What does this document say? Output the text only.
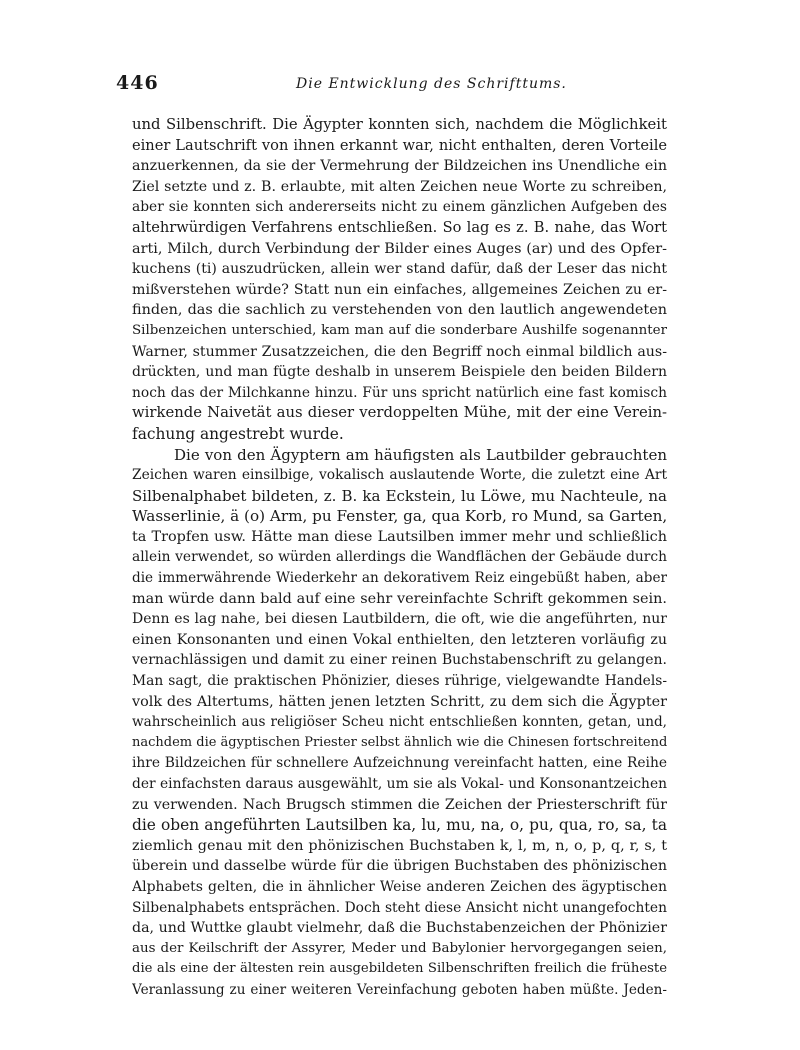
446	Die Entwicklung des Schrifttums.
und Silbenschrift. Die Ägypter konnten sich, nachdem die Möglichkeit
einer Lautschrift von ihnen erkannt war, nicht enthalten, deren Vorteile
anzuerkennen, da sie der Vermehrung der Bildzeichen ins Unendliche ein
Ziel setzte und z. B. erlaubte, mit alten Zeichen neue Worte zu schreiben,
aber sie konnten sich andererseits nicht zu einem gänzlichen Aufgeben des
altehrwürdigen Verfahrens entschließen. So lag es z. B. nahe, das Wort
arti, Milch, durch Verbindung der Bilder eines Auges (ar) und des Opfer-
kuchens (ti) auszudrücken, allein wer stand dafür, daß der Leser das nicht
mißverstehen würde? Statt nun ein einfaches, allgemeines Zeichen zu er-
finden, das die sachlich zu verstehenden von den lautlich angewendeten
Silbenzeichen unterschied, kam man auf die sonderbare Aushilfe sogenannter
Warner, stummer Zusatzzeichen, die den Begriff noch einmal bildlich aus-
drückten, und man fügte deshalb in unserem Beispiele den beiden Bildern
noch das der Milchkanne hinzu. Für uns spricht natürlich eine fast komisch
wirkende Naivetät aus dieser verdoppelten Mühe, mit der eine Verein-
fachung angestrebt wurde.
Die von den Ägyptern am häufigsten als Lautbilder gebrauchten
Zeichen waren einsilbige, vokalisch auslautende Worte, die zuletzt eine Art
Silbenalphabet bildeten, z. B. ka Eckstein, lu Löwe, mu Nachteule, na
Wasserlinie, ä (o) Arm, pu Fenster, ga, qua Korb, ro Mund, sa Garten,
ta Tropfen usw. Hätte man diese Lautsilben immer mehr und schließlich
allein verwendet, so würden allerdings die Wandflächen der Gebäude durch
die immerwährende Wiederkehr an dekorativem Reiz eingebüßt haben, aber
man würde dann bald auf eine sehr vereinfachte Schrift gekommen sein.
Denn es lag nahe, bei diesen Lautbildern, die oft, wie die angeführten, nur
einen Konsonanten und einen Vokal enthielten, den letzteren vorläufig zu
vernachlässigen und damit zu einer reinen Buchstabenschrift zu gelangen.
Man sagt, die praktischen Phönizier, dieses rührige, vielgewandte Handels-
volk des Altertums, hätten jenen letzten Schritt, zu dem sich die Ägypter
wahrscheinlich aus religiöser Scheu nicht entschließen konnten, getan, und,
nachdem die ägyptischen Priester selbst ähnlich wie die Chinesen fortschreitend
ihre Bildzeichen für schnellere Aufzeichnung vereinfacht hatten, eine Reihe
der einfachsten daraus ausgewählt, um sie als Vokal- und Konsonantzeichen
zu verwenden. Nach Brugsch stimmen die Zeichen der Priesterschrift für
die oben angeführten Lautsilben ka, lu, mu, na, o, pu, qua, ro, sa, ta
ziemlich genau mit den phönizischen Buchstaben k, l, m, n, o, p, q, r, s, t
überein und dasselbe würde für die übrigen Buchstaben des phönizischen
Alphabets gelten, die in ähnlicher Weise anderen Zeichen des ägyptischen
Silbenalphabets entsprächen. Doch steht diese Ansicht nicht unangefochten
da, und Wuttke glaubt vielmehr, daß die Buchstabenzeichen der Phönizier
aus der Keilschrift der Assyrer, Meder und Babylonier hervorgegangen seien,
die als eine der ältesten rein ausgebildeten Silbenschriften freilich die früheste
Veranlassung zu einer weiteren Vereinfachung geboten haben müßte. Jeden-
